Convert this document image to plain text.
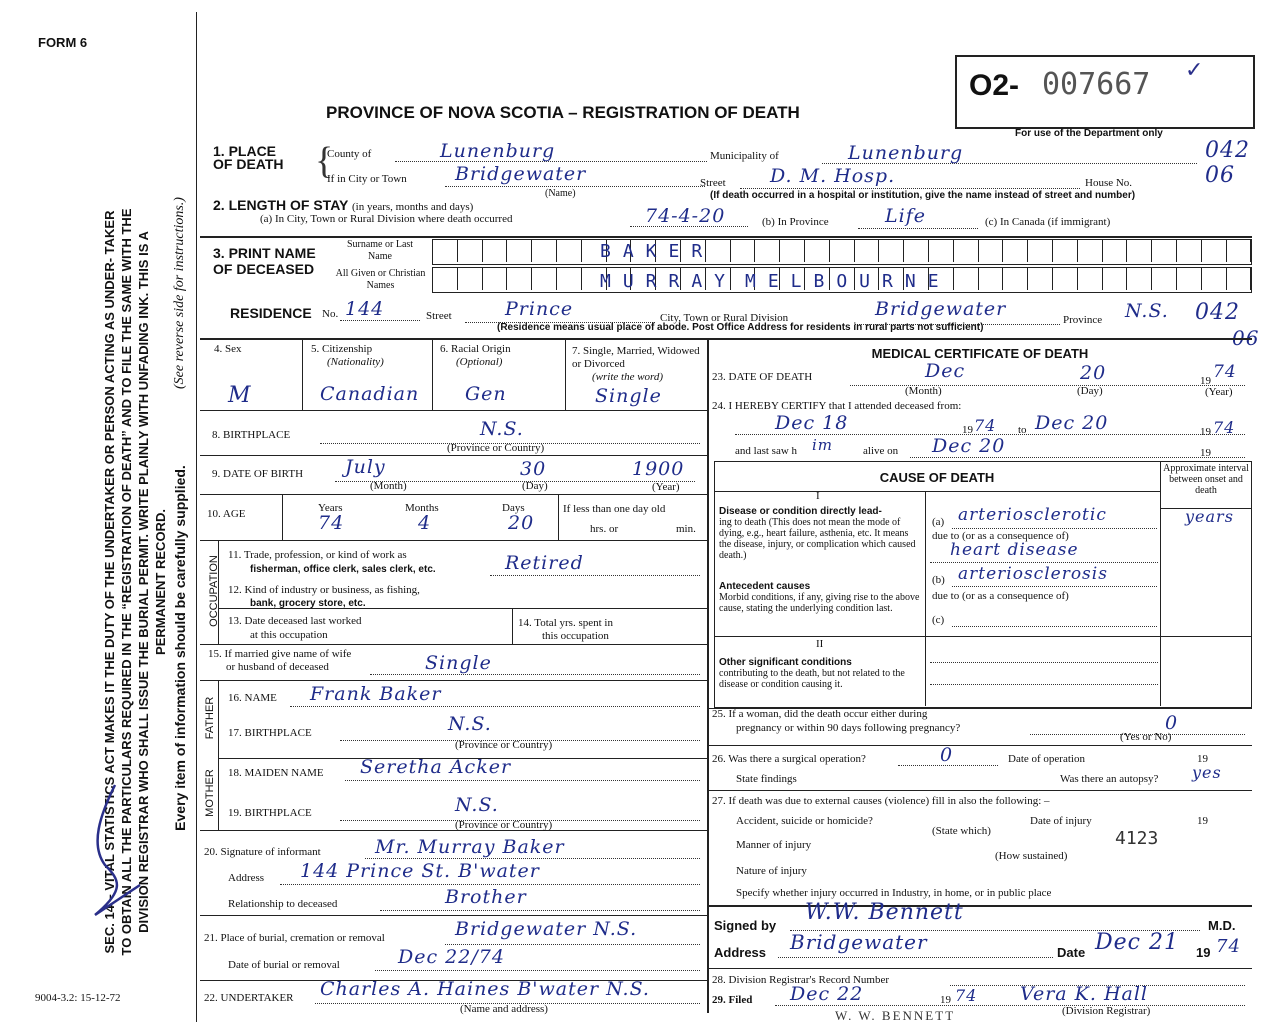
FORM 6
SEC. 14 – VITAL STATISTICS ACT MAKES IT THE DUTY OF THE UNDERTAKER OR PERSON ACTING AS UNDER- TAKER TO OBTAIN ALL THE PARTICULARS REQUIRED IN THE “REGISTRATION OF DEATH” AND TO FILE THE SAME WITH THE DIVISION REGISTRAR WHO SHALL ISSUE THE BURIAL PERMIT. WRITE PLAINLY WITH UNFADING INK. THIS IS A PERMANENT RECORD.
(See reverse side for instructions.)
Every item of information should be carefully supplied.
9004-3.2: 15-12-72
O2- 007667 ✓
PROVINCE OF NOVA SCOTIA – REGISTRATION OF DEATH
For use of the Department only
1. PLACE OF DEATH {
County of	Lunenburg	Municipality of	Lunenburg	042
If in City or Town	Bridgewater
(Name)
Street D. M. Hosp.	House No.	06
(If death occurred in a hospital or institution, give the name instead of street and number)
2. LENGTH OF STAY (in years, months and days)
(a) In City, Town or Rural Division where death occurred	74-4-20	(b) In Province	Life	(c) In Canada (if immigrant)
3. PRINT NAME OF DECEASED
Surname or Last Name
All Given or Christian Names
BAKER
MURRAY MELBOURNE
RESIDENCE No. 144	Street	Prince	City, Town or Rural Division	Bridgewater	Province N.S. 042
06
(Residence means usual place of abode. Post Office Address for residents in rural parts not sufficient)
4. Sex
M
5. Citizenship
(Nationality)
Canadian
6. Racial Origin
(Optional)
Gen
7. Single, Married, Widowed or Divorced
(write the word)
Single
8. BIRTHPLACE	N.S.
(Province or Country)
9. DATE OF BIRTH July	30	1900
(Month)	(Day)	(Year)
10. AGE	Years	Months	Days
74	4	20
If less than one day old
hrs. or	min.
OCCUPATION
11. Trade, profession, or kind of work as
fisherman, office clerk, sales clerk, etc.	Retired
12. Kind of industry or business, as fishing,
bank, grocery store, etc.
13. Date deceased last worked
at this occupation
14. Total yrs. spent in
this occupation
15. If married give name of wife
or husband of deceased	Single
FATHER 16. NAME Frank Baker
17. BIRTHPLACE	N.S.
(Province or Country)
MOTHER 18. MAIDEN NAME Seretha Acker
19. BIRTHPLACE	N.S.
(Province or Country)
20. Signature of informant	Mr. Murray Baker
Address 144 Prince St. B'water
Relationship to deceased	Brother
21. Place of burial, cremation or removal	Bridgewater N.S.
Date of burial or removal	Dec 22/74
22. UNDERTAKER Charles A. Haines B'water N.S.
(Name and address)
MEDICAL CERTIFICATE OF DEATH
23. DATE OF DEATH	Dec	20	19 74
(Month)	(Day)	(Year)
24. I HEREBY CERTIFY that I attended deceased from:
Dec 18	19 74 to Dec 20	19 74
and last saw h im	alive on Dec 20	19
CAUSE OF DEATH
Approximate interval between onset and death
I
Disease or condition directly lead-
ing to death (This does not mean the mode of dying, e.g., heart failure, asthenia, etc. It means the disease, injury, or complication which caused death.)
Antecedent causes
Morbid conditions, if any, giving rise to the above cause, stating the underlying condition last.
II
Other significant conditions
contributing to the death, but not related to the disease or condition causing it.
(a) arteriosclerotic	years
due to (or as a consequence of)
heart disease
(b) arteriosclerosis
due to (or as a consequence of)
(c)
25. If a woman, did the death occur either during
pregnancy or within 90 days following pregnancy?	0
(Yes or No)
26. Was there a surgical operation?	0	Date of operation	19
State findings	Was there an autopsy? yes
27. If death was due to external causes (violence) fill in also the following: –
Accident, suicide or homicide?	Date of injury	19
(State which)
Manner of injury	4123
(How sustained)
Nature of injury
Specify whether injury occurred in Industry, in home, or in public place
Signed by
W.W. Bennett
M.D.
Address Bridgewater	Date Dec 21 19 74
28. Division Registrar's Record Number
29. Filed Dec 22	19 74 Vera K. Hall
(Division Registrar)
W. W. BENNETT
